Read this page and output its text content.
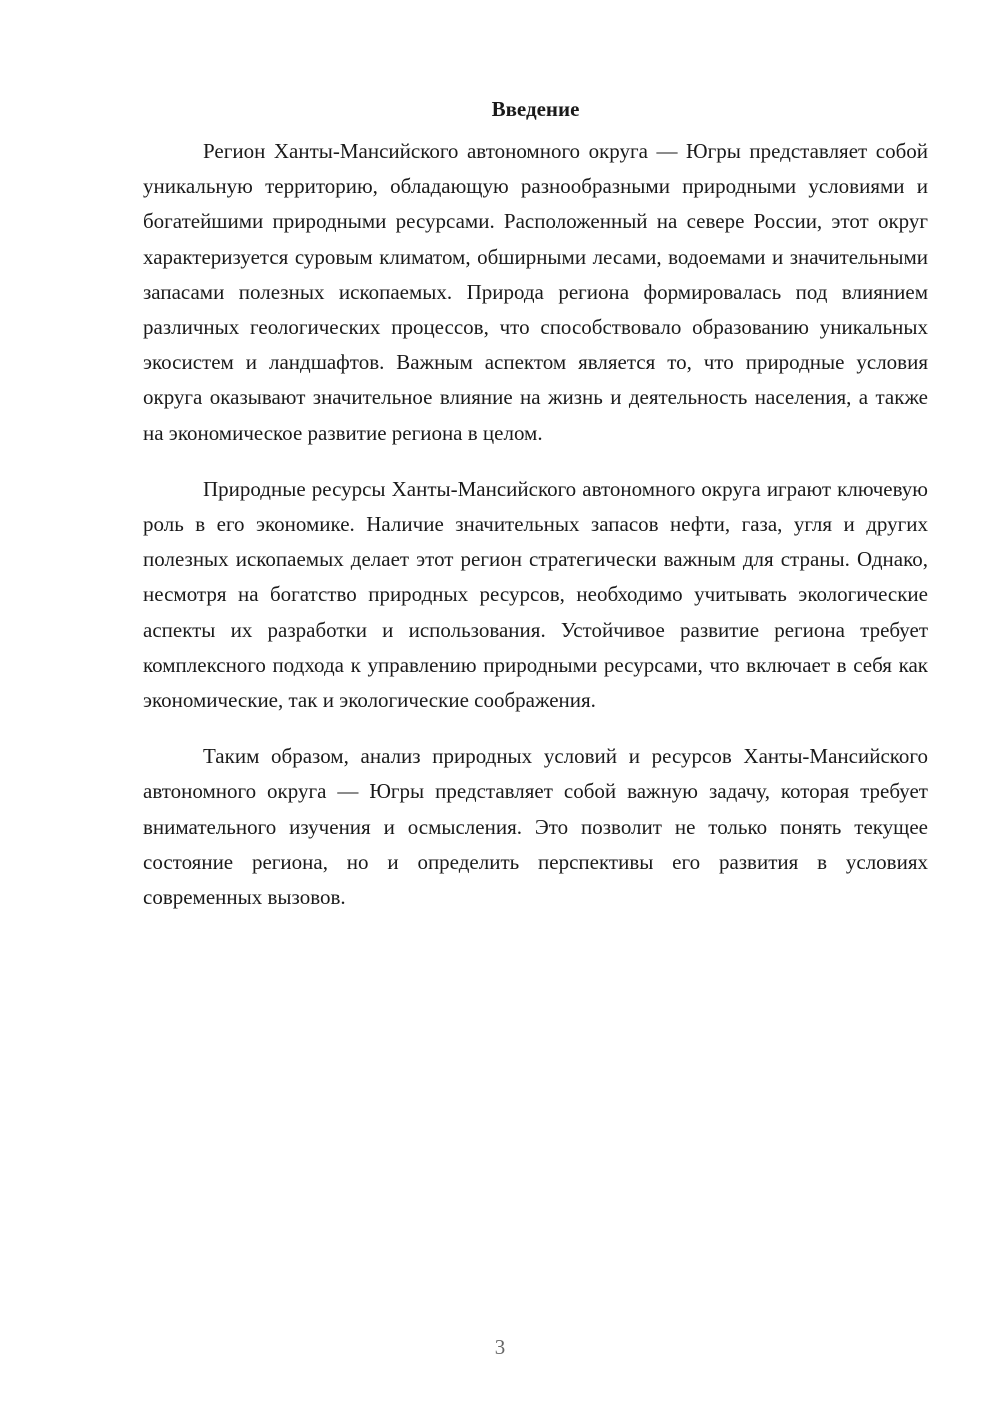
Введение

Регион Ханты-Мансийского автономного округа — Югры представляет собой уникальную территорию, обладающую разнообразными природными условиями и богатейшими природными ресурсами. Расположенный на севере России, этот округ характеризуется суровым климатом, обширными лесами, водоемами и значительными запасами полезных ископаемых. Природа региона формировалась под влиянием различных геологических процессов, что способствовало образованию уникальных экосистем и ландшафтов. Важным аспектом является то, что природные условия округа оказывают значительное влияние на жизнь и деятельность населения, а также на экономическое развитие региона в целом.

Природные ресурсы Ханты-Мансийского автономного округа играют ключевую роль в его экономике. Наличие значительных запасов нефти, газа, угля и других полезных ископаемых делает этот регион стратегически важным для страны. Однако, несмотря на богатство природных ресурсов, необходимо учитывать экологические аспекты их разработки и использования. Устойчивое развитие региона требует комплексного подхода к управлению природными ресурсами, что включает в себя как экономические, так и экологические соображения.

Таким образом, анализ природных условий и ресурсов Ханты-Мансийского автономного округа — Югры представляет собой важную задачу, которая требует внимательного изучения и осмысления. Это позволит не только понять текущее состояние региона, но и определить перспективы его развития в условиях современных вызовов.

3
